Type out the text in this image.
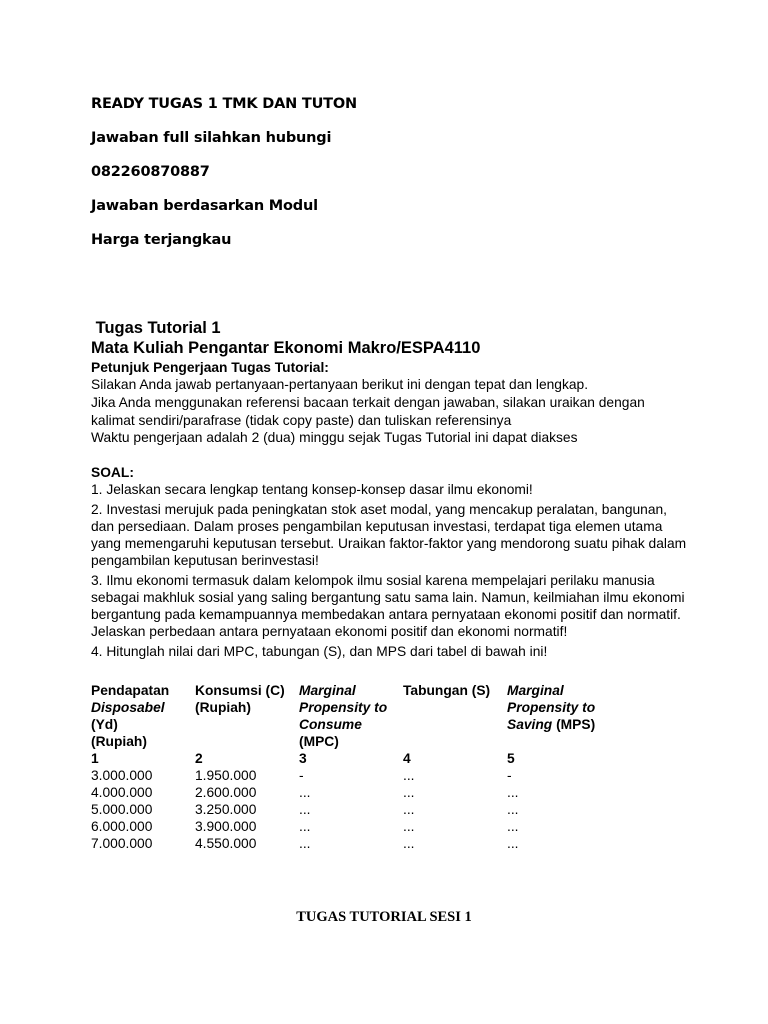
READY TUGAS 1 TMK DAN TUTON
Jawaban full silahkan hubungi
082260870887
Jawaban berdasarkan Modul
Harga terjangkau
Tugas Tutorial 1
Mata Kuliah Pengantar Ekonomi Makro/ESPA4110
Petunjuk Pengerjaan Tugas Tutorial:
Silakan Anda jawab pertanyaan-pertanyaan berikut ini dengan tepat dan lengkap.
Jika Anda menggunakan referensi bacaan terkait dengan jawaban, silakan uraikan dengan kalimat sendiri/parafrase (tidak copy paste) dan tuliskan referensinya
Waktu pengerjaan adalah 2 (dua) minggu sejak Tugas Tutorial ini dapat diakses
SOAL:

1. Jelaskan secara lengkap tentang konsep-konsep dasar ilmu ekonomi!

2. Investasi merujuk pada peningkatan stok aset modal, yang mencakup peralatan, bangunan, dan persediaan. Dalam proses pengambilan keputusan investasi, terdapat tiga elemen utama yang memengaruhi keputusan tersebut. Uraikan faktor-faktor yang mendorong suatu pihak dalam pengambilan keputusan berinvestasi!

3. Ilmu ekonomi termasuk dalam kelompok ilmu sosial karena mempelajari perilaku manusia sebagai makhluk sosial yang saling bergantung satu sama lain. Namun, keilmiahan ilmu ekonomi bergantung pada kemampuannya membedakan antara pernyataan ekonomi positif dan normatif. Jelaskan perbedaan antara pernyataan ekonomi positif dan ekonomi normatif!

4. Hitunglah nilai dari MPC, tabungan (S), dan MPS dari tabel di bawah ini!

Pendapatan
Disposabel
(Yd)
(Rupiah)
1
3.000.000
4.000.000
5.000.000
6.000.000
7.000.000
Konsumsi (C)
(Rupiah)
2
1.950.000
2.600.000
3.250.000
3.900.000
4.550.000
Marginal
Propensity to
Consume
(MPC)
3
-
...
...
...
...
Tabungan (S)
4
...
...
...
...
...
Marginal
Propensity to
Saving (MPS)
5
-
...
...
...
...
TUGAS TUTORIAL SESI 1
